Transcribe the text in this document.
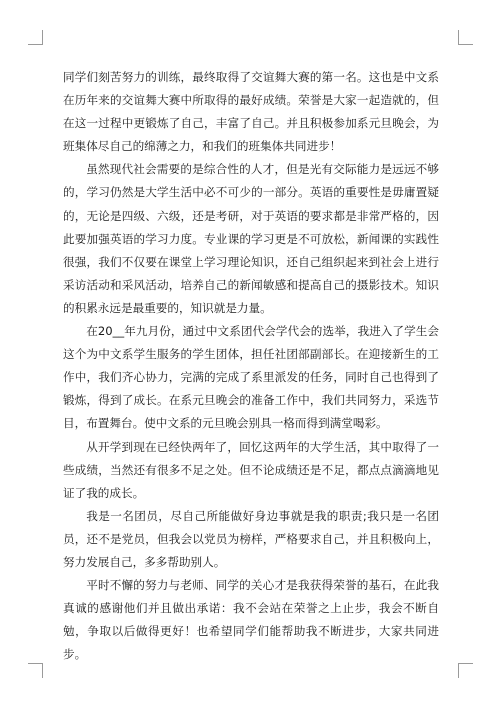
同学们刻苦努力的训练，最终取得了交谊舞大赛的第一名。这也是中文系在历年来的交谊舞大赛中所取得的最好成绩。荣誉是大家一起造就的，但在这一过程中更锻炼了自己，丰富了自己。并且积极参加系元旦晚会，为班集体尽自己的绵薄之力，和我们的班集体共同进步！

虽然现代社会需要的是综合性的人才，但是光有交际能力是远远不够的，学习仍然是大学生活中必不可少的一部分。英语的重要性是毋庸置疑的，无论是四级、六级，还是考研，对于英语的要求都是非常严格的，因此要加强英语的学习力度。专业课的学习更是不可放松，新闻课的实践性很强，我们不仅要在课堂上学习理论知识，还自己组织起来到社会上进行采访活动和采风活动，培养自己的新闻敏感和提高自己的摄影技术。知识的积累永远是最重要的，知识就是力量。

在20__年九月份，通过中文系团代会学代会的选举，我进入了学生会这个为中文系学生服务的学生团体，担任社团部副部长。在迎接新生的工作中，我们齐心协力，完满的完成了系里派发的任务，同时自己也得到了锻炼，得到了成长。在系元旦晚会的准备工作中，我们共同努力，采选节目，布置舞台。使中文系的元旦晚会别具一格而得到满堂喝彩。

从开学到现在已经快两年了，回忆这两年的大学生活，其中取得了一些成绩，当然还有很多不足之处。但不论成绩还是不足，都点点滴滴地见证了我的成长。

我是一名团员，尽自己所能做好身边事就是我的职责;我只是一名团员，还不是党员，但我会以党员为榜样，严格要求自己，并且积极向上，努力发展自己，多多帮助别人。

平时不懈的努力与老师、同学的关心才是我获得荣誉的基石，在此我真诚的感谢他们并且做出承诺：我不会站在荣誉之上止步，我会不断自勉，争取以后做得更好！也希望同学们能帮助我不断进步，大家共同进步。
